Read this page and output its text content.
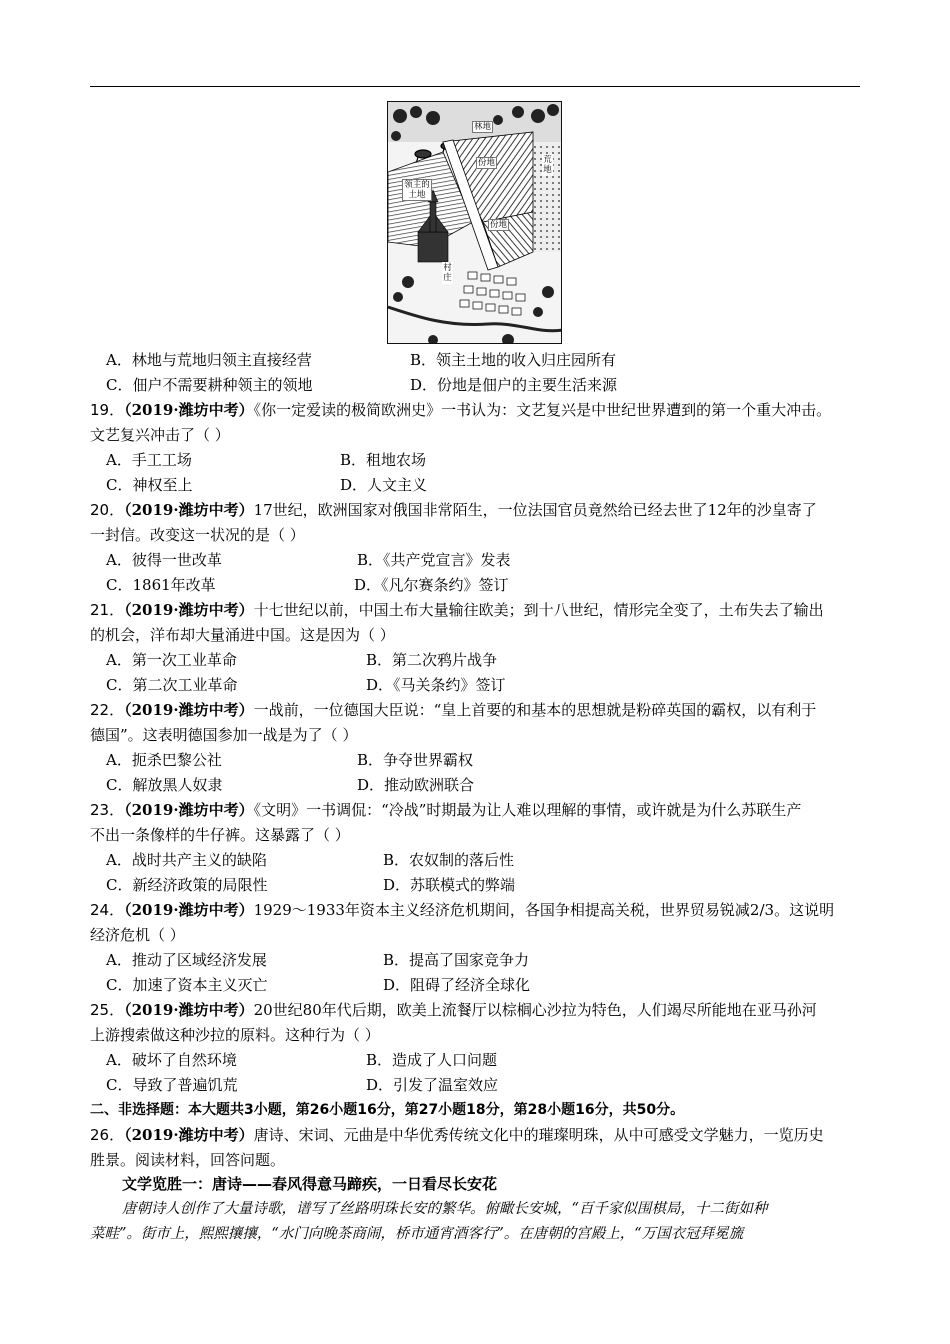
林地
荒地
份地
份地
领主的土地
村庄
A．林地与荒地归领主直接经营	B．领主土地的收入归庄园所有
C．佃户不需要耕种领主的领地	D．份地是佃户的主要生活来源
19．（2019·潍坊中考）《你一定爱读的极简欧洲史》一书认为：文艺复兴是中世纪世界遭到的第一个重大冲击。
文艺复兴冲击了（ ）
A．手工工场	B．租地农场
C．神权至上	D．人文主义
20．（2019·潍坊中考）17世纪，欧洲国家对俄国非常陌生，一位法国官员竟然给已经去世了12年的沙皇寄了
一封信。改变这一状况的是（ ）
A．彼得一世改革	B．《共产党宣言》发表
C．1861年改革	D．《凡尔赛条约》签订
21．（2019·潍坊中考）十七世纪以前，中国土布大量输往欧美；到十八世纪，情形完全变了，土布失去了输出
的机会，洋布却大量涌进中国。这是因为（ ）
A．第一次工业革命	B．第二次鸦片战争
C．第二次工业革命	D．《马关条约》签订
22．（2019·潍坊中考）一战前，一位德国大臣说：“皇上首要的和基本的思想就是粉碎英国的霸权，以有利于
德国”。这表明德国参加一战是为了（ ）
A．扼杀巴黎公社	B．争夺世界霸权
C．解放黑人奴隶	D．推动欧洲联合
23．（2019·潍坊中考）《文明》一书调侃：“冷战”时期最为让人难以理解的事情，或许就是为什么苏联生产
不出一条像样的牛仔裤。这暴露了（ ）
A．战时共产主义的缺陷	B．农奴制的落后性
C．新经济政策的局限性	D．苏联模式的弊端
24．（2019·潍坊中考）1929～1933年资本主义经济危机期间，各国争相提高关税，世界贸易锐减2/3。这说明
经济危机（ ）
A．推动了区域经济发展	B．提高了国家竞争力
C．加速了资本主义灭亡	D．阻碍了经济全球化
25．（2019·潍坊中考）20世纪80年代后期，欧美上流餐厅以棕榈心沙拉为特色，人们竭尽所能地在亚马孙河
上游搜索做这种沙拉的原料。这种行为（ ）
A．破坏了自然环境	B．造成了人口问题
C．导致了普遍饥荒	D．引发了温室效应
二、非选择题：本大题共3小题，第26小题16分，第27小题18分，第28小题16分，共50分。
26．（2019·潍坊中考）唐诗、宋词、元曲是中华优秀传统文化中的璀璨明珠，从中可感受文学魅力，一览历史
胜景。阅读材料，回答问题。
文学览胜一：唐诗——春风得意马蹄疾，一日看尽长安花
唐朝诗人创作了大量诗歌，谱写了丝路明珠长安的繁华。俯瞰长安城，“百千家似围棋局，十二街如种
菜畦”。街市上，熙熙攘攘，“水门向晚茶商闹，桥市通宵酒客行”。在唐朝的宫殿上，“万国衣冠拜冕旒
